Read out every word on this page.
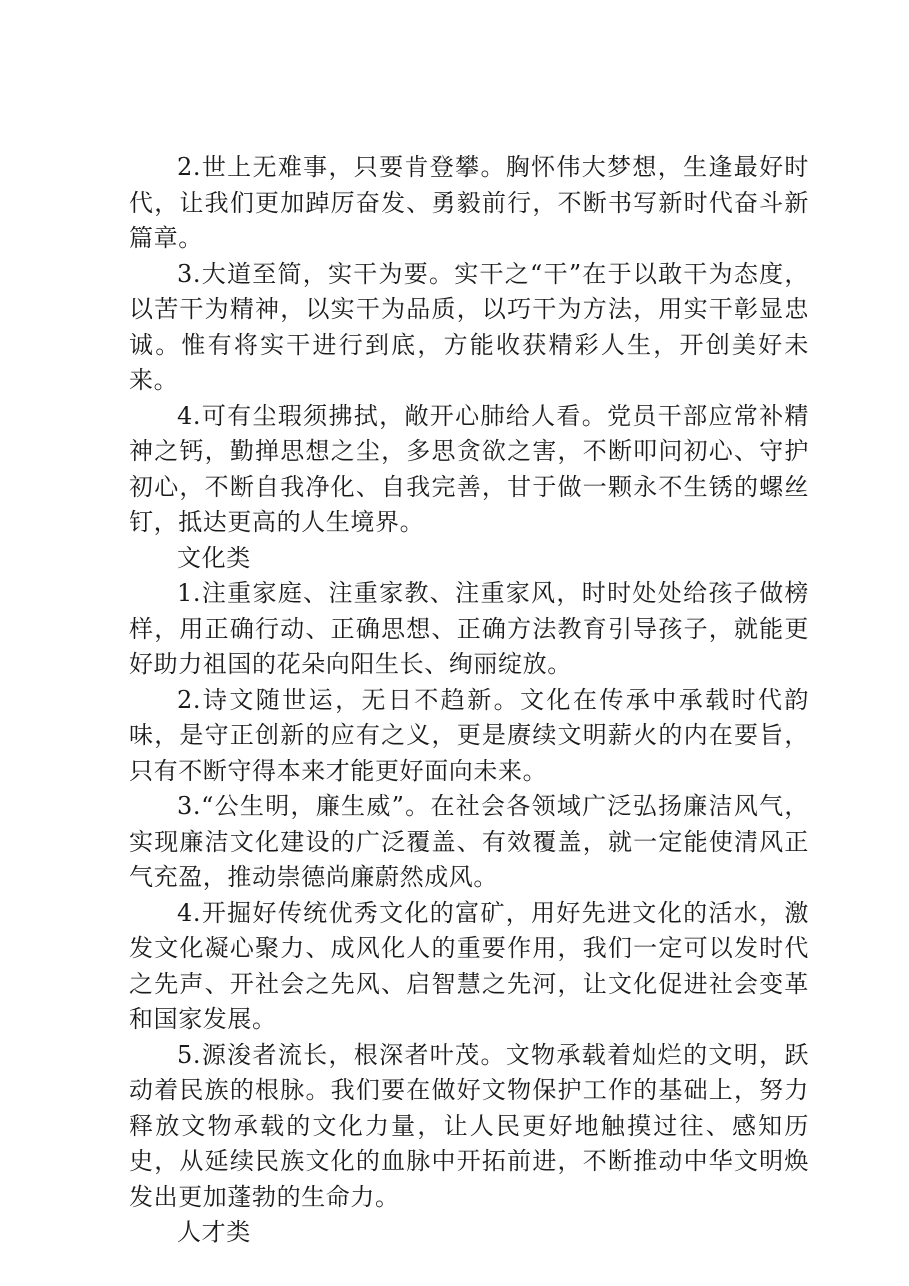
2.世上无难事，只要肯登攀。胸怀伟大梦想，生逢最好时代，让我们更加踔厉奋发、勇毅前行，不断书写新时代奋斗新篇章。

3.大道至简，实干为要。实干之“干”在于以敢干为态度，以苦干为精神，以实干为品质，以巧干为方法，用实干彰显忠诚。惟有将实干进行到底，方能收获精彩人生，开创美好未来。

4.可有尘瑕须拂拭，敞开心肺给人看。党员干部应常补精神之钙，勤掸思想之尘，多思贪欲之害，不断叩问初心、守护初心，不断自我净化、自我完善，甘于做一颗永不生锈的螺丝钉，抵达更高的人生境界。

文化类

1.注重家庭、注重家教、注重家风，时时处处给孩子做榜样，用正确行动、正确思想、正确方法教育引导孩子，就能更好助力祖国的花朵向阳生长、绚丽绽放。

2.诗文随世运，无日不趋新。文化在传承中承载时代韵味，是守正创新的应有之义，更是赓续文明薪火的内在要旨，只有不断守得本来才能更好面向未来。

3.“公生明，廉生威”。在社会各领域广泛弘扬廉洁风气，实现廉洁文化建设的广泛覆盖、有效覆盖，就一定能使清风正气充盈，推动崇德尚廉蔚然成风。

4.开掘好传统优秀文化的富矿，用好先进文化的活水，激发文化凝心聚力、成风化人的重要作用，我们一定可以发时代之先声、开社会之先风、启智慧之先河，让文化促进社会变革和国家发展。

5.源浚者流长，根深者叶茂。文物承载着灿烂的文明，跃动着民族的根脉。我们要在做好文物保护工作的基础上，努力释放文物承载的文化力量，让人民更好地触摸过往、感知历史，从延续民族文化的血脉中开拓前进，不断推动中华文明焕发出更加蓬勃的生命力。

人才类
